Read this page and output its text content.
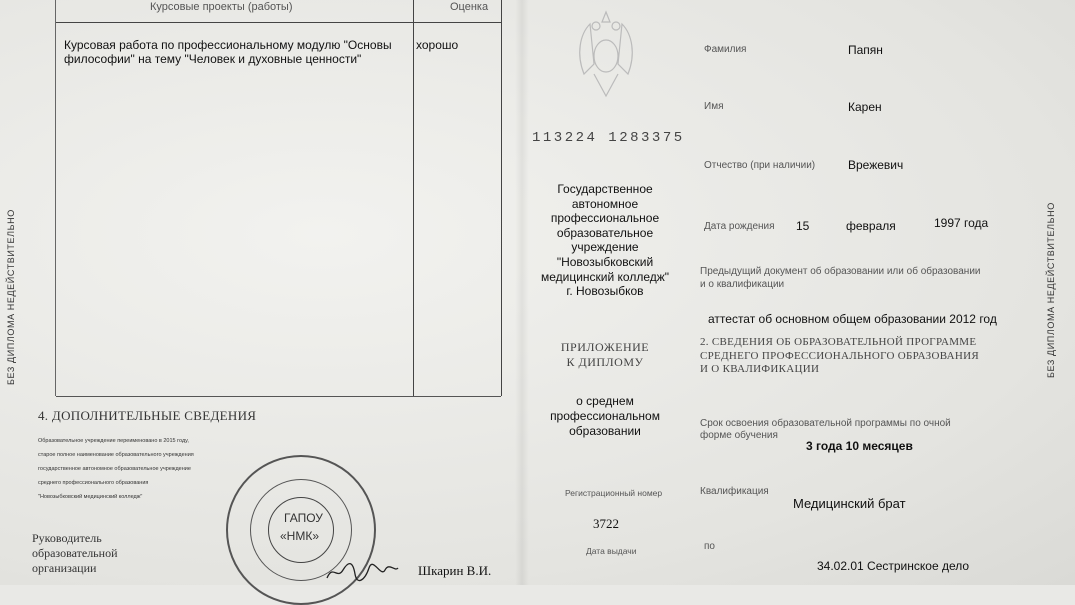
БЕЗ ДИПЛОМА НЕДЕЙСТВИТЕЛЬНО
Курсовые проекты (работы)	Оценка
Курсовая работа по профессиональному модулю "Основы
философии" на тему "Человек и духовные ценности"
хорошо
4. ДОПОЛНИТЕЛЬНЫЕ СВЕДЕНИЯ
Образовательное учреждение переименовано в 2015 году,
старое полное наименование образовательного учреждения
государственное автономное образовательное учреждение
среднего профессионального образования
"Новозыбковский медицинский колледж"
Руководитель
образовательной
организации
ГАПОУ
«НМК»
Шкарин В.И.
113224 1283375
Государственное
автономное
профессиональное
образовательное
учреждение
"Новозыбковский
медицинский колледж"
г. Новозыбков
ПРИЛОЖЕНИЕ
К ДИПЛОМУ
о среднем
профессиональном
образовании
Регистрационный номер
3722
Дата выдачи
Фамилия	Папян
Имя	Карен
Отчество (при наличии)	Врежевич
Дата рождения 15	февраля	1997 года
Предыдущий документ об образовании или об образовании
и о квалификации
аттестат об основном общем образовании 2012 год
2. СВЕДЕНИЯ ОБ ОБРАЗОВАТЕЛЬНОЙ ПРОГРАММЕ
СРЕДНЕГО ПРОФЕССИОНАЛЬНОГО ОБРАЗОВАНИЯ
И О КВАЛИФИКАЦИИ
Срок освоения образовательной программы по очной
форме обучения
3 года 10 месяцев
Квалификация
Медицинский брат
по
34.02.01 Сестринское дело
БЕЗ ДИПЛОМА НЕДЕЙСТВИТЕЛЬНО
